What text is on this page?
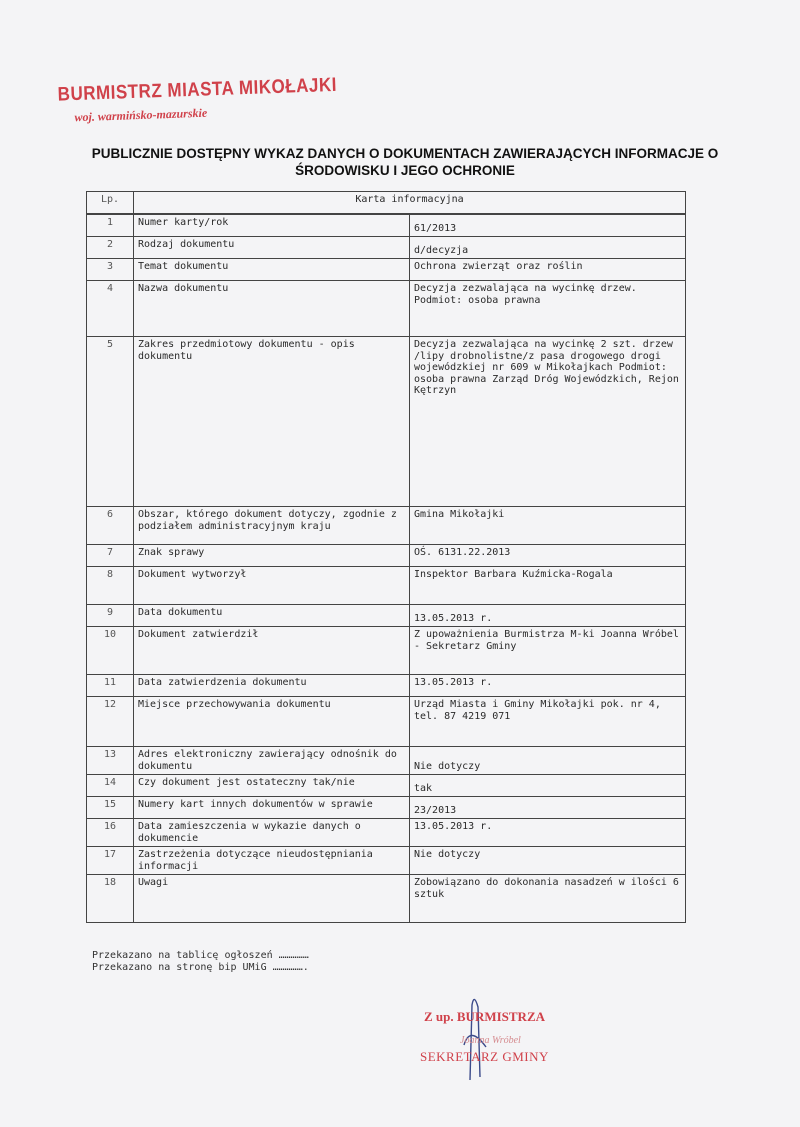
BURMISTRZ MIASTA MIKOŁAJKI
woj. warmińsko-mazurskie
PUBLICZNIE DOSTĘPNY WYKAZ DANYCH O DOKUMENTACH ZAWIERAJĄCYCH INFORMACJE O
ŚRODOWISKU I JEGO OCHRONIE
Lp.	Karta informacyjna	

1	Numer karty/rok	61/2013
2	Rodzaj dokumentu	d/decyzja
3	Temat dokumentu	Ochrona zwierząt oraz roślin
4	Nazwa dokumentu	Decyzja zezwalająca na wycinkę drzew. Podmiot: osoba prawna
5	Zakres przedmiotowy dokumentu - opis dokumentu	Decyzja zezwalająca na wycinkę 2 szt. drzew /lipy drobnolistne/z pasa drogowego drogi wojewódzkiej nr 609 w Mikołajkach Podmiot: osoba prawna Zarząd Dróg Wojewódzkich, Rejon Kętrzyn
6	Obszar, którego dokument dotyczy, zgodnie z podziałem administracyjnym kraju	Gmina Mikołajki
7	Znak sprawy	OŚ. 6131.22.2013
8	Dokument wytworzył	Inspektor Barbara Kuźmicka-Rogala
9	Data dokumentu	13.05.2013 r.
10	Dokument zatwierdził	Z upoważnienia Burmistrza M-ki Joanna Wróbel - Sekretarz Gminy
11	Data zatwierdzenia dokumentu	13.05.2013 r.
12	Miejsce przechowywania dokumentu	Urząd Miasta i Gminy Mikołajki pok. nr 4, tel. 87 4219 071
13	Adres elektroniczny zawierający odnośnik do dokumentu	Nie dotyczy
14	Czy dokument jest ostateczny tak/nie	tak
15	Numery kart innych dokumentów w sprawie	23/2013
16	Data zamieszczenia w wykazie danych o dokumencie	13.05.2013 r.
17	Zastrzeżenia dotyczące nieudostępniania informacji	Nie dotyczy
18	Uwagi	Zobowiązano do dokonania nasadzeń w ilości 6 sztuk
Przekazano na tablicę ogłoszeń ……………
Przekazano na stronę bip UMiG …………….
Z up. BURMISTRZA
Joanna Wróbel
SEKRETARZ GMINY
